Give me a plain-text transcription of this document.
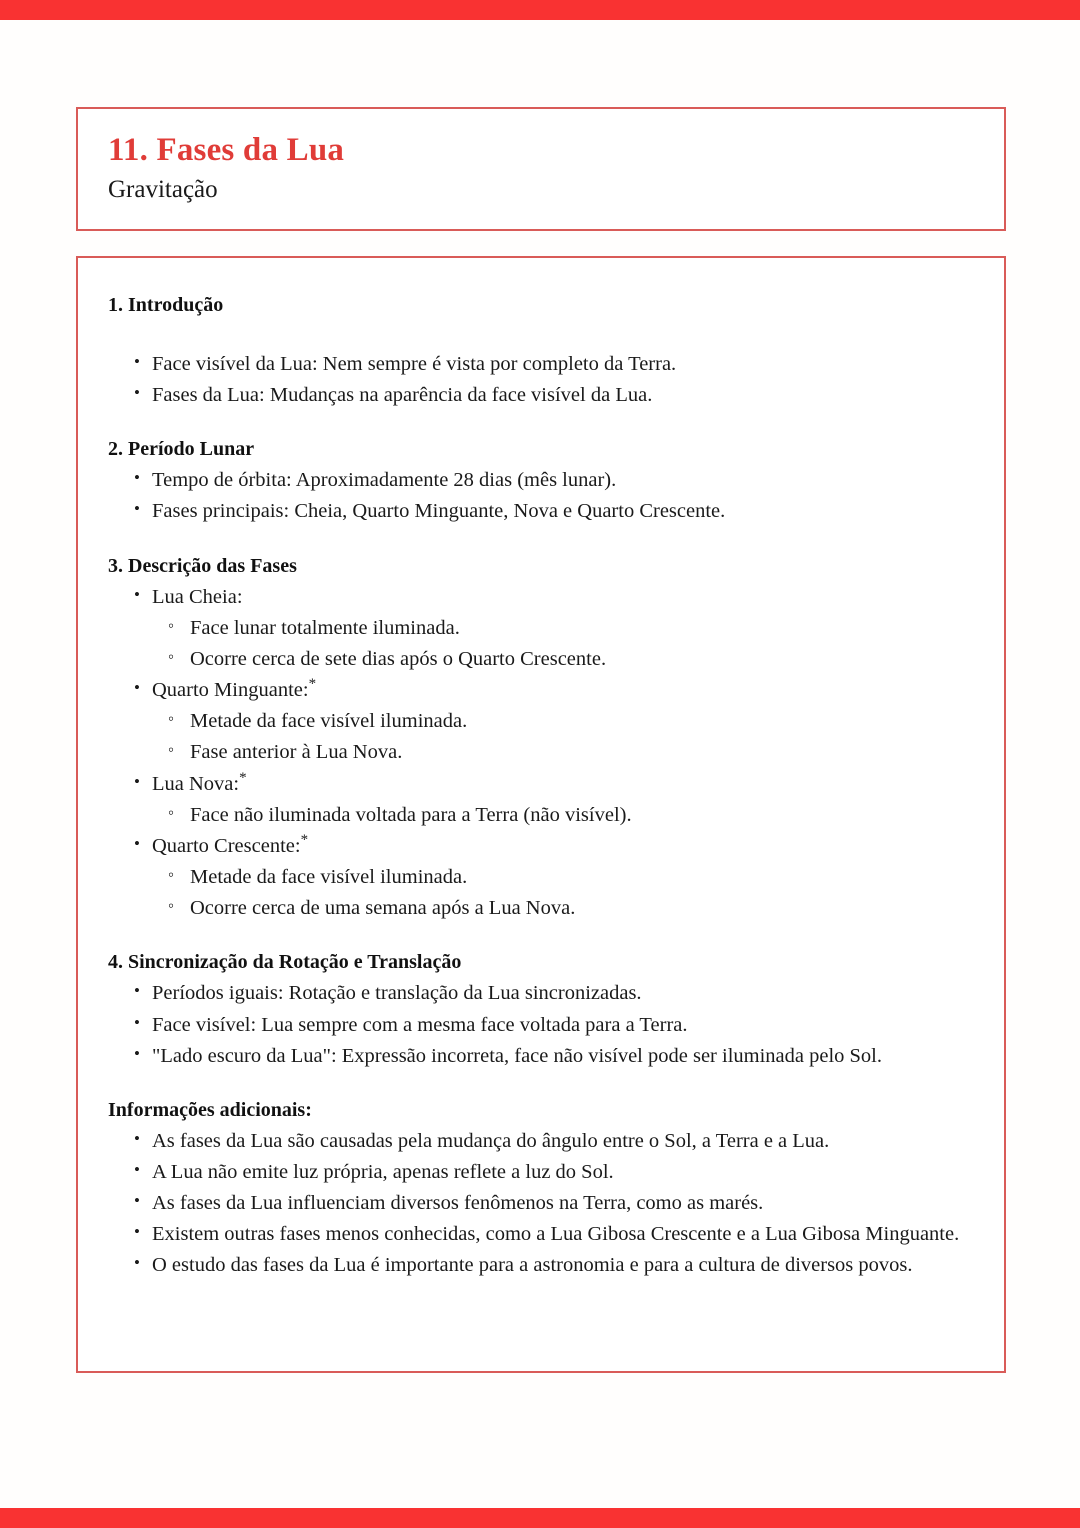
11. Fases da Lua
Gravitação
1. Introdução
• Face visível da Lua: Nem sempre é vista por completo da Terra.
• Fases da Lua: Mudanças na aparência da face visível da Lua.
2. Período Lunar
• Tempo de órbita: Aproximadamente 28 dias (mês lunar).
• Fases principais: Cheia, Quarto Minguante, Nova e Quarto Crescente.
3. Descrição das Fases
• Lua Cheia:
◦ Face lunar totalmente iluminada.
◦ Ocorre cerca de sete dias após o Quarto Crescente.
• Quarto Minguante:*
◦ Metade da face visível iluminada.
◦ Fase anterior à Lua Nova.
• Lua Nova:*
◦ Face não iluminada voltada para a Terra (não visível).
• Quarto Crescente:*
◦ Metade da face visível iluminada.
◦ Ocorre cerca de uma semana após a Lua Nova.
4. Sincronização da Rotação e Translação
• Períodos iguais: Rotação e translação da Lua sincronizadas.
• Face visível: Lua sempre com a mesma face voltada para a Terra.
• "Lado escuro da Lua": Expressão incorreta, face não visível pode ser iluminada pelo Sol.
Informações adicionais:
• As fases da Lua são causadas pela mudança do ângulo entre o Sol, a Terra e a Lua.
• A Lua não emite luz própria, apenas reflete a luz do Sol.
• As fases da Lua influenciam diversos fenômenos na Terra, como as marés.
• Existem outras fases menos conhecidas, como a Lua Gibosa Crescente e a Lua Gibosa Minguante.
• O estudo das fases da Lua é importante para a astronomia e para a cultura de diversos povos.
